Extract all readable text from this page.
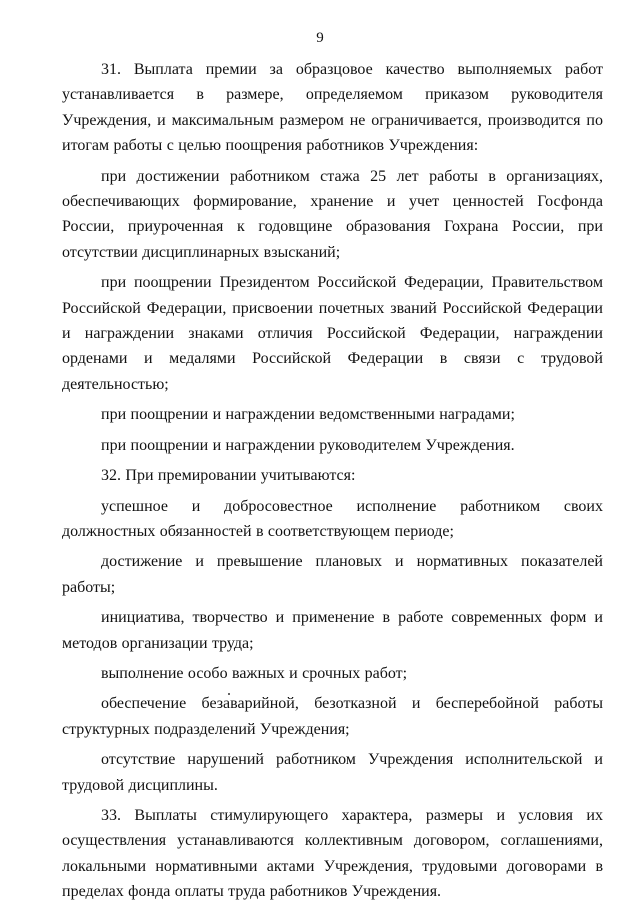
9

31. Выплата премии за образцовое качество выполняемых работ устанавливается в размере, определяемом приказом руководителя Учреждения, и максимальным размером не ограничивается, производится по итогам работы с целью поощрения работников Учреждения:

при достижении работником стажа 25 лет работы в организациях, обеспечивающих формирование, хранение и учет ценностей Госфонда России, приуроченная к годовщине образования Гохрана России, при отсутствии дисциплинарных взысканий;

при поощрении Президентом Российской Федерации, Правительством Российской Федерации, присвоении почетных званий Российской Федерации и награждении знаками отличия Российской Федерации, награждении орденами и медалями Российской Федерации в связи с трудовой деятельностью;

при поощрении и награждении ведомственными наградами;

при поощрении и награждении руководителем Учреждения.

32. При премировании учитываются:

успешное и добросовестное исполнение работником своих должностных обязанностей в соответствующем периоде;

достижение и превышение плановых и нормативных показателей работы;

инициатива, творчество и применение в работе современных форм и методов организации труда;

выполнение особо важных и срочных работ;

обеспечение безаварийной, безотказной и бесперебойной работы структурных подразделений Учреждения;

отсутствие нарушений работником Учреждения исполнительской и трудовой дисциплины.

33. Выплаты стимулирующего характера, размеры и условия их осуществления устанавливаются коллективным договором, соглашениями, локальными нормативными актами Учреждения, трудовыми договорами в пределах фонда оплаты труда работников Учреждения.
